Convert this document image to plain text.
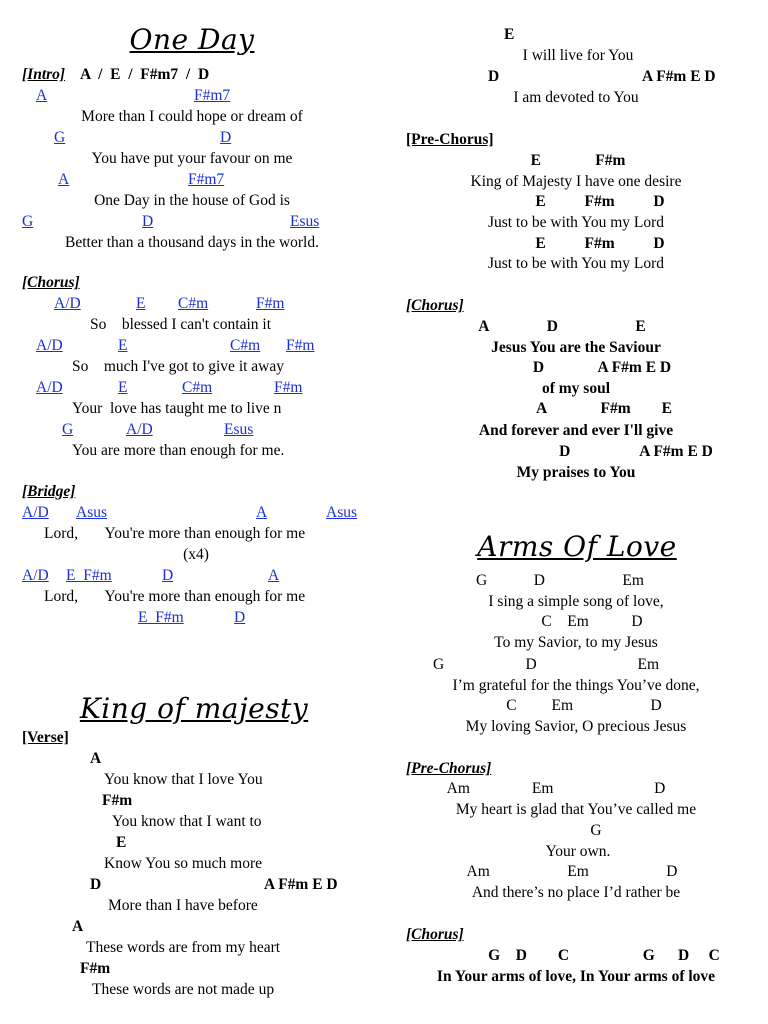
One Day
[Intro] A  /  E  /  F#m7  /  D
A	F#m7
More than I could hope or dream of
G	D
You have put your favour on me
A	F#m7
One Day in the house of God is
G	D	Esus
Better than a thousand days in the world.
[Chorus]
A/D	E C#m	F#m
So    blessed I can't contain it
A/D	E	C#m F#m
So    much I've got to give it away
A/D	E	C#m	F#m
Your  love has taught me to live n
G	A/D	Esus
You are more than enough for me.
[Bridge]
A/D Asus	A	Asus
Lord,       You're more than enough for me
(x4)
A/D E  F#m	D	A
Lord,       You're more than enough for me
E  F#m	D
King of majesty
[Verse]
A
You know that I love You
F#m
You know that I want to
E
Know You so much more
D	A F#m E D
More than I have before
A
These words are from my heart
F#m
These words are not made up
E
I will live for You
D	A F#m E D
I am devoted to You
[Pre-Chorus]
E              F#m
King of Majesty I have one desire
E          F#m          D
Just to be with You my Lord
E          F#m          D
Just to be with You my Lord
[Chorus]
A               D                    E
Jesus You are the Saviour
D              A F#m E D
of my soul
A              F#m        E
And forever and ever I'll give
D                  A F#m E D
My praises to You
Arms Of Love
G            D                    Em
I sing a simple song of love,
C    Em           D
To my Savior, to my Jesus
G                     D                          Em
I’m grateful for the things You’ve done,
C         Em                    D
My loving Savior, O precious Jesus
[Pre-Chorus]
Am                Em                          D
My heart is glad that You’ve called me
G
Your own.
Am                    Em                    D
And there’s no place I’d rather be
[Chorus]
G    D        C                   G      D     C
In Your arms of love, In Your arms of love
